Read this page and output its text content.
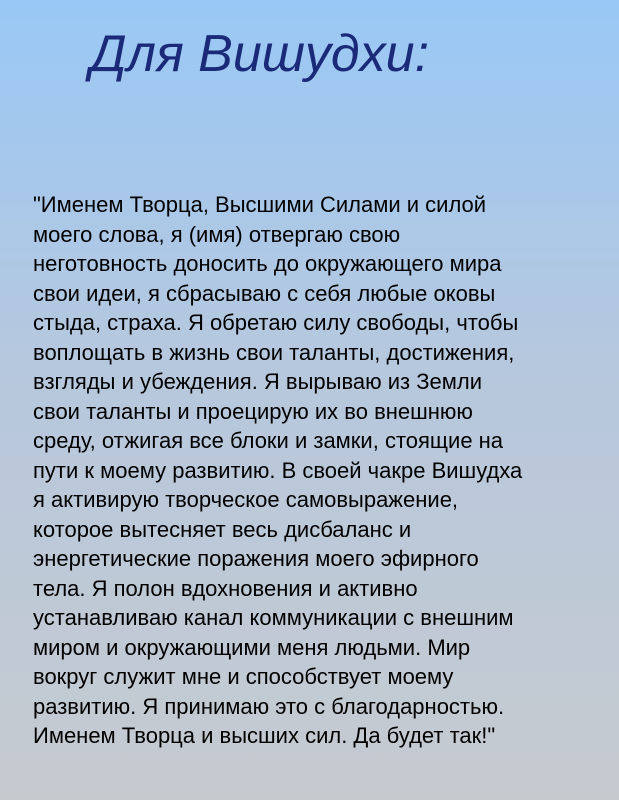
Для Вишудхи:
"Именем Творца, Высшими Силами и силой
моего слова, я (имя) отвергаю свою
неготовность доносить до окружающего мира
свои идеи, я сбрасываю с себя любые оковы
стыда, страха. Я обретаю силу свободы, чтобы
воплощать в жизнь свои таланты, достижения,
взгляды и убеждения. Я вырываю из Земли
свои таланты и проецирую их во внешнюю
среду, отжигая все блоки и замки, стоящие на
пути к моему развитию. В своей чакре Вишудха
я активирую творческое самовыражение,
которое вытесняет весь дисбаланс и
энергетические поражения моего эфирного
тела. Я полон вдохновения и активно
устанавливаю канал коммуникации с внешним
миром и окружающими меня людьми. Мир
вокруг служит мне и способствует моему
развитию. Я принимаю это с благодарностью.
Именем Творца и высших сил. Да будет так!"
